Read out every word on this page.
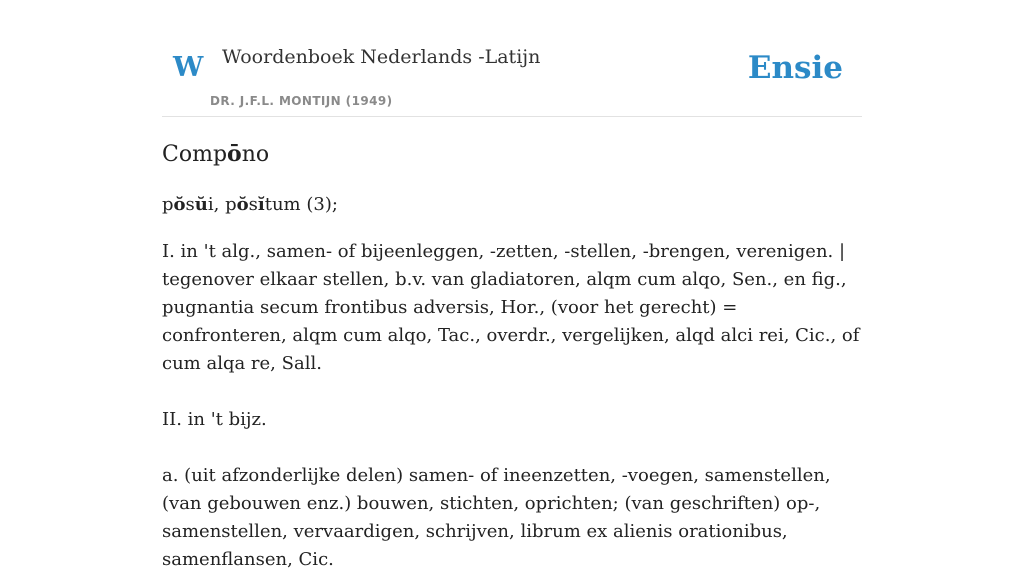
W Woordenboek Nederlands -Latijn
DR. J.F.L. MONTIJN (1949)
Ensie
Compōno

pŏsŭi, pŏsĭtum (3);

I. in 't alg., samen- of bijeenleggen, -zetten, -stellen, -brengen, verenigen. | tegenover elkaar stellen, b.v. van gladiatoren, alqm cum alqo, Sen., en fig., pugnantia secum frontibus adversis, Hor., (voor het gerecht) = confronteren, alqm cum alqo, Tac., overdr., vergelijken, alqd alci rei, Cic., of cum alqa re, Sall.

II. in 't bijz.

a. (uit afzonderlijke delen) samen- of ineenzetten, -voegen, samenstellen, (van gebouwen enz.) bouwen, stichten, oprichten; (van geschriften) op-, samenstellen, vervaardigen, schrijven, librum ex alienis orationibus, samenflansen, Cic.
